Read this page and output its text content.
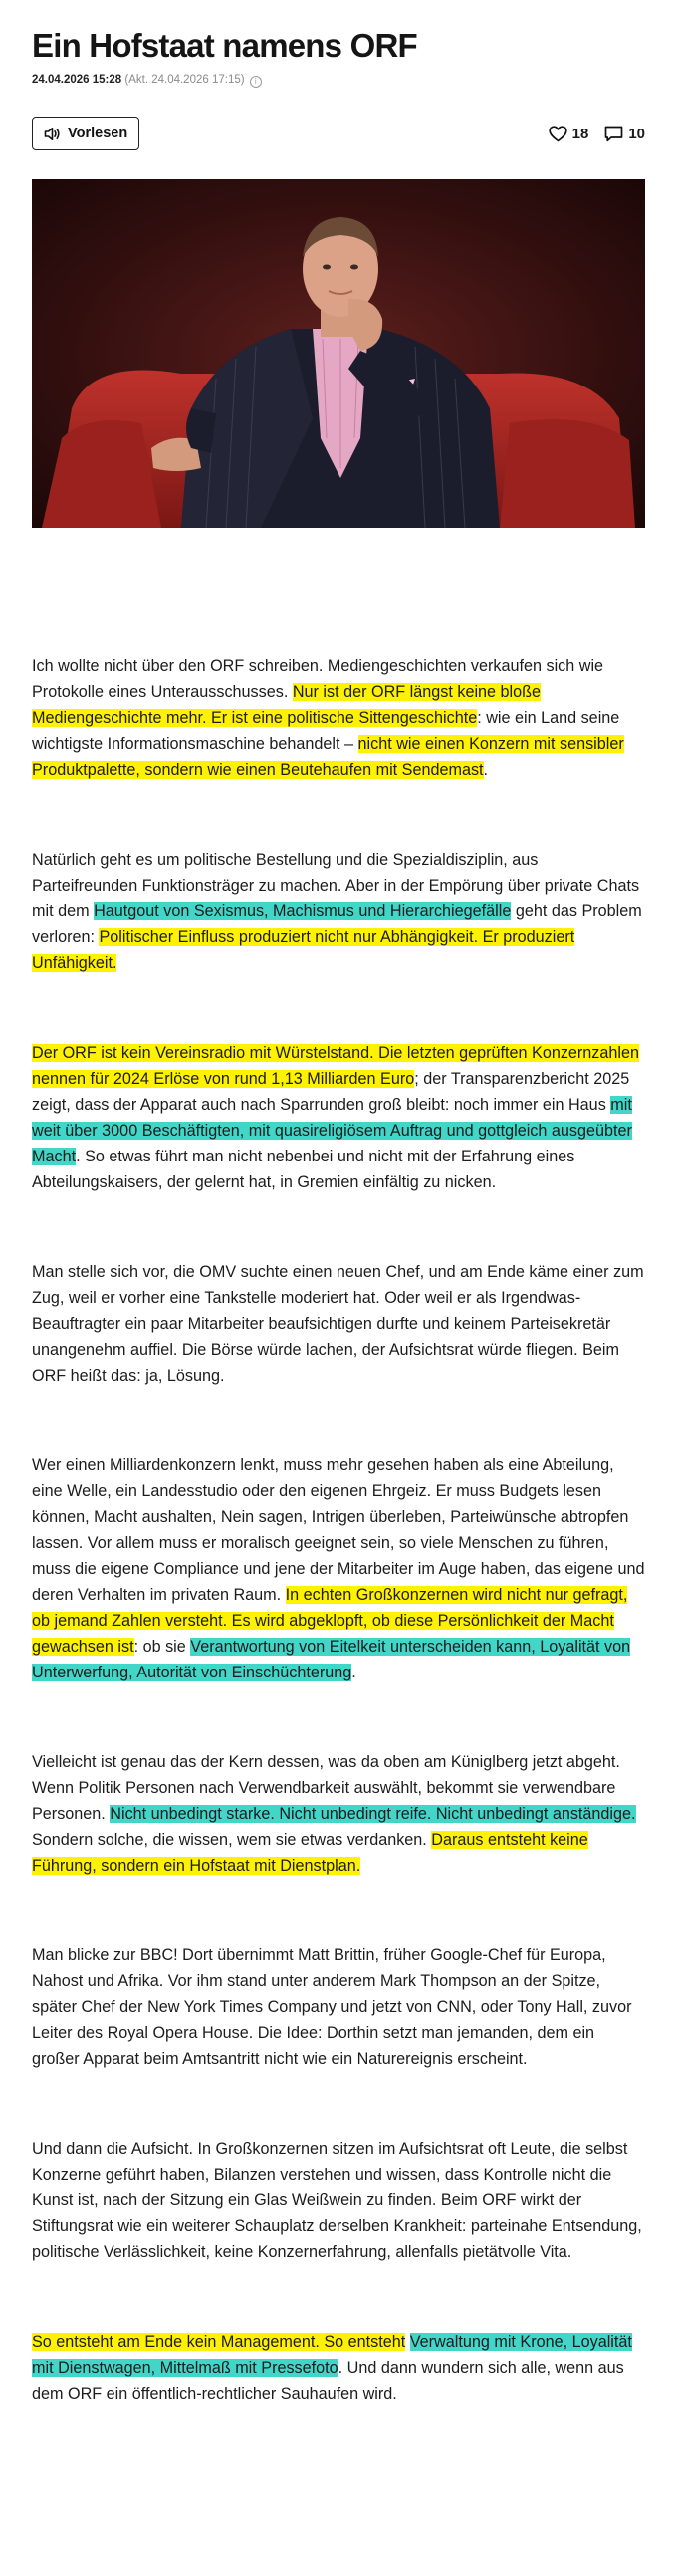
Ein Hofstaat namens ORF
24.04.2026 15:28 (Akt. 24.04.2026 17:15) i
Vorlesen	18	10

Ich wollte nicht über den ORF schreiben. Mediengeschichten verkaufen sich wie Protokolle eines Unterausschusses. Nur ist der ORF längst keine bloße Mediengeschichte mehr. Er ist eine politische Sittengeschichte: wie ein Land seine wichtigste Informationsmaschine behandelt – nicht wie einen Konzern mit sensibler Produktpalette, sondern wie einen Beutehaufen mit Sendemast.

Natürlich geht es um politische Bestellung und die Spezialdisziplin, aus Parteifreunden Funktionsträger zu machen. Aber in der Empörung über private Chats mit dem Hautgout von Sexismus, Machismus und Hierarchiegefälle geht das Problem verloren: Politischer Einfluss produziert nicht nur Abhängigkeit. Er produziert Unfähigkeit.

Der ORF ist kein Vereinsradio mit Würstelstand. Die letzten geprüften Konzernzahlen nennen für 2024 Erlöse von rund 1,13 Milliarden Euro; der Transparenzbericht 2025 zeigt, dass der Apparat auch nach Sparrunden groß bleibt: noch immer ein Haus mit weit über 3000 Beschäftigten, mit quasireligiösem Auftrag und gottgleich ausgeübter Macht. So etwas führt man nicht nebenbei und nicht mit der Erfahrung eines Abteilungskaisers, der gelernt hat, in Gremien einfältig zu nicken.

Man stelle sich vor, die OMV suchte einen neuen Chef, und am Ende käme einer zum Zug, weil er vorher eine Tankstelle moderiert hat. Oder weil er als Irgendwas-Beauftragter ein paar Mitarbeiter beaufsichtigen durfte und keinem Parteisekretär unangenehm auffiel. Die Börse würde lachen, der Aufsichtsrat würde fliegen. Beim ORF heißt das: ja, Lösung.

Wer einen Milliardenkonzern lenkt, muss mehr gesehen haben als eine Abteilung, eine Welle, ein Landesstudio oder den eigenen Ehrgeiz. Er muss Budgets lesen können, Macht aushalten, Nein sagen, Intrigen überleben, Parteiwünsche abtropfen lassen. Vor allem muss er moralisch geeignet sein, so viele Menschen zu führen, muss die eigene Compliance und jene der Mitarbeiter im Auge haben, das eigene und deren Verhalten im privaten Raum. In echten Großkonzernen wird nicht nur gefragt, ob jemand Zahlen versteht. Es wird abgeklopft, ob diese Persönlichkeit der Macht gewachsen ist: ob sie Verantwortung von Eitelkeit unterscheiden kann, Loyalität von Unterwerfung, Autorität von Einschüchterung.

Vielleicht ist genau das der Kern dessen, was da oben am Küniglberg jetzt abgeht. Wenn Politik Personen nach Verwendbarkeit auswählt, bekommt sie verwendbare Personen. Nicht unbedingt starke. Nicht unbedingt reife. Nicht unbedingt anständige. Sondern solche, die wissen, wem sie etwas verdanken. Daraus entsteht keine Führung, sondern ein Hofstaat mit Dienstplan.

Man blicke zur BBC! Dort übernimmt Matt Brittin, früher Google-Chef für Europa, Nahost und Afrika. Vor ihm stand unter anderem Mark Thompson an der Spitze, später Chef der New York Times Company und jetzt von CNN, oder Tony Hall, zuvor Leiter des Royal Opera House. Die Idee: Dorthin setzt man jemanden, dem ein großer Apparat beim Amtsantritt nicht wie ein Naturereignis erscheint.

Und dann die Aufsicht. In Großkonzernen sitzen im Aufsichtsrat oft Leute, die selbst Konzerne geführt haben, Bilanzen verstehen und wissen, dass Kontrolle nicht die Kunst ist, nach der Sitzung ein Glas Weißwein zu finden. Beim ORF wirkt der Stiftungsrat wie ein weiterer Schauplatz derselben Krankheit: parteinahe Entsendung, politische Verlässlichkeit, keine Konzernerfahrung, allenfalls pietätvolle Vita.

So entsteht am Ende kein Management. So entsteht Verwaltung mit Krone, Loyalität mit Dienstwagen, Mittelmaß mit Pressefoto. Und dann wundern sich alle, wenn aus dem ORF ein öffentlich-rechtlicher Sauhaufen wird.
